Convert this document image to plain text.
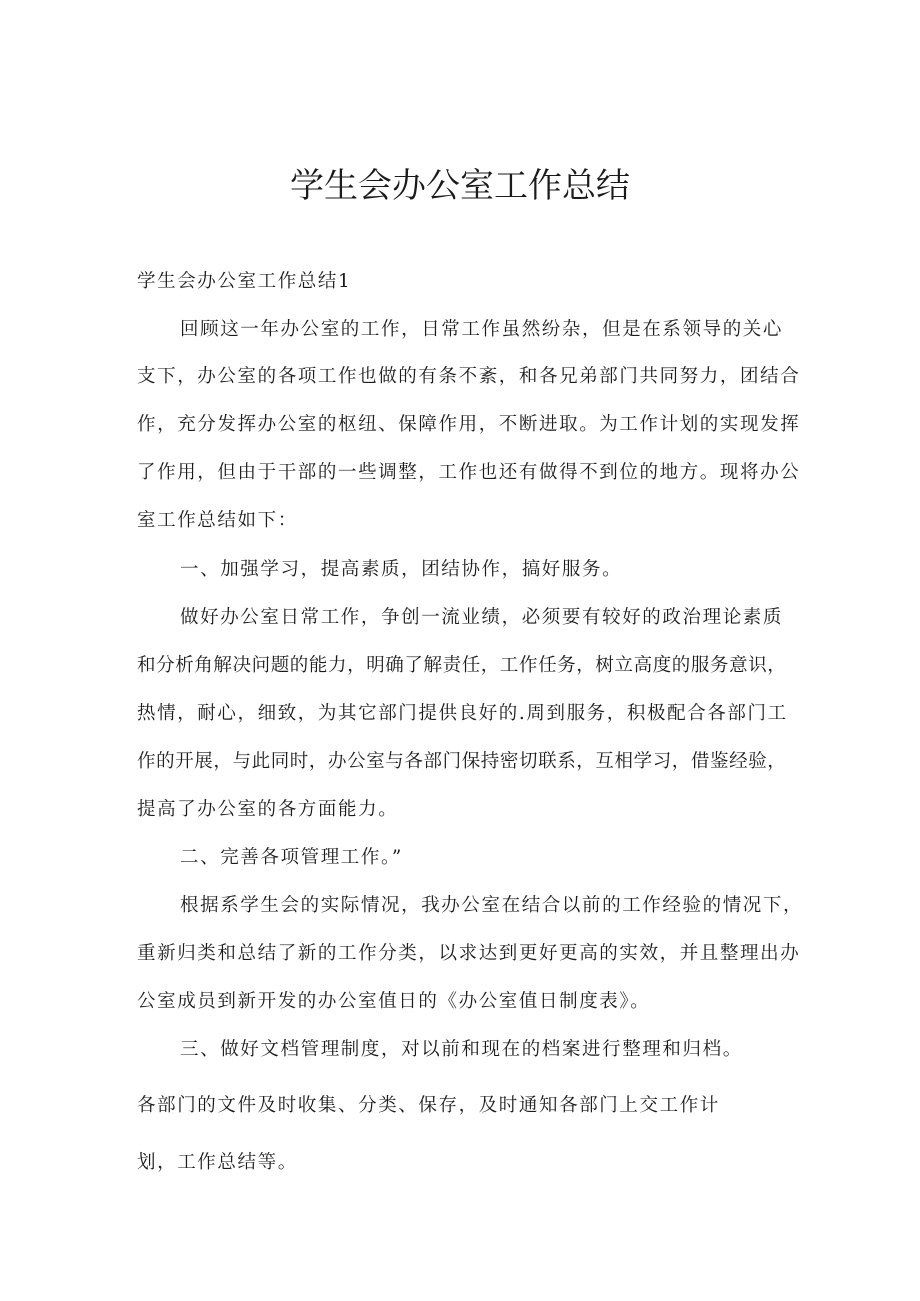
学生会办公室工作总结

学生会办公室工作总结1

回顾这一年办公室的工作，日常工作虽然纷杂，但是在系领导的关心

支下，办公室的各项工作也做的有条不紊，和各兄弟部门共同努力，团结合

作，充分发挥办公室的枢纽、保障作用，不断进取。为工作计划的实现发挥

了作用，但由于干部的一些调整，工作也还有做得不到位的地方。现将办公

室工作总结如下：

一、加强学习，提高素质，团结协作，搞好服务。

做好办公室日常工作，争创一流业绩，必须要有较好的政治理论素质

和分析角解决问题的能力，明确了解责任，工作任务，树立高度的服务意识，

热情，耐心，细致，为其它部门提供良好的.周到服务，积极配合各部门工

作的开展，与此同时，办公室与各部门保持密切联系，互相学习，借鉴经验，

提高了办公室的各方面能力。

二、完善各项管理工作。”

根据系学生会的实际情况，我办公室在结合以前的工作经验的情况下，

重新归类和总结了新的工作分类，以求达到更好更高的实效，并且整理出办

公室成员到新开发的办公室值日的《办公室值日制度表》。

三、做好文档管理制度，对以前和现在的档案进行整理和归档。

各部门的文件及时收集、分类、保存，及时通知各部门上交工作计

划，工作总结等。
